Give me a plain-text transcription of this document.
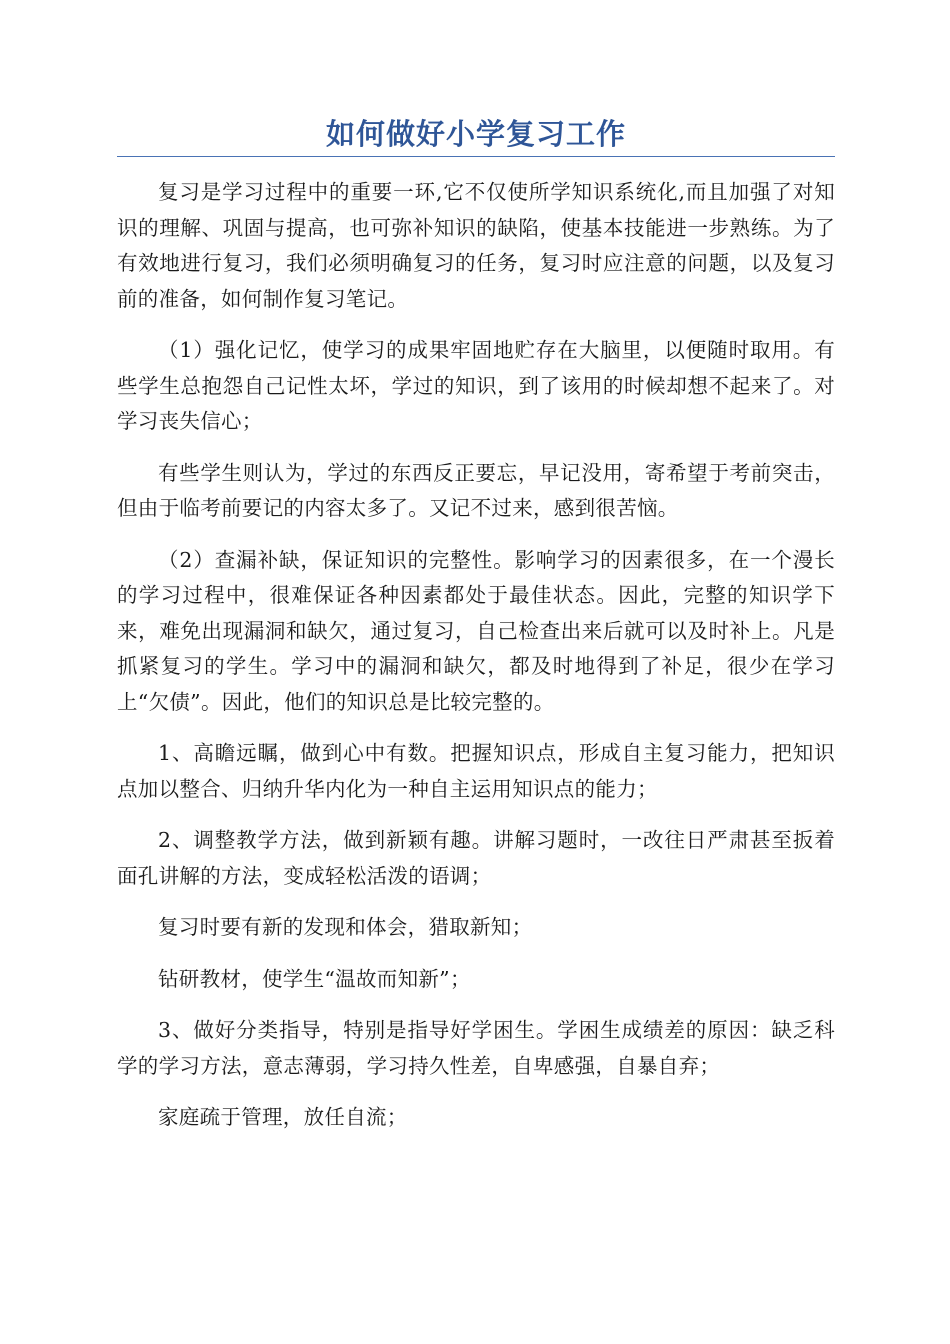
如何做好小学复习工作

复习是学习过程中的重要一环,它不仅使所学知识系统化,而且加强了对知识的理解、巩固与提高，也可弥补知识的缺陷，使基本技能进一步熟练。为了有效地进行复习，我们必须明确复习的任务，复习时应注意的问题，以及复习前的准备，如何制作复习笔记。

（1）强化记忆，使学习的成果牢固地贮存在大脑里，以便随时取用。有些学生总抱怨自己记性太坏，学过的知识，到了该用的时候却想不起来了。对学习丧失信心；

有些学生则认为，学过的东西反正要忘，早记没用，寄希望于考前突击，但由于临考前要记的内容太多了。又记不过来，感到很苦恼。

（2）查漏补缺，保证知识的完整性。影响学习的因素很多，在一个漫长的学习过程中，很难保证各种因素都处于最佳状态。因此，完整的知识学下来，难免出现漏洞和缺欠，通过复习，自己检查出来后就可以及时补上。凡是抓紧复习的学生。学习中的漏洞和缺欠，都及时地得到了补足，很少在学习上“欠债”。因此，他们的知识总是比较完整的。

1、高瞻远瞩，做到心中有数。把握知识点，形成自主复习能力，把知识点加以整合、归纳升华内化为一种自主运用知识点的能力；

2、调整教学方法，做到新颖有趣。讲解习题时，一改往日严肃甚至扳着面孔讲解的方法，变成轻松活泼的语调；

复习时要有新的发现和体会，猎取新知；

钻研教材，使学生“温故而知新”；

3、做好分类指导，特别是指导好学困生。学困生成绩差的原因：缺乏科学的学习方法，意志薄弱，学习持久性差，自卑感强，自暴自弃；

家庭疏于管理，放任自流；
